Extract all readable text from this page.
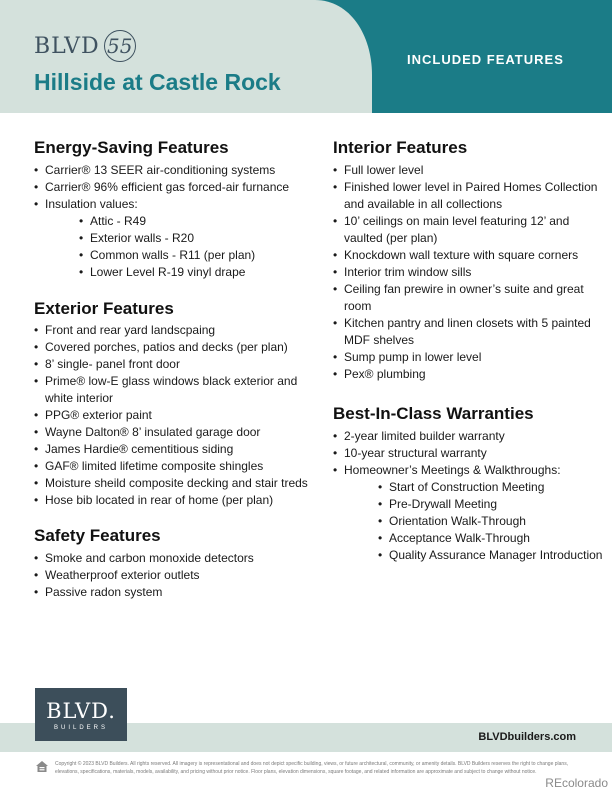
BLVD 55
Hillside at Castle Rock
INCLUDED FEATURES
Energy-Saving Features
• Carrier® 13 SEER air-conditioning systems
• Carrier® 96% efficient gas forced-air furnance
• Insulation values:
• Attic - R49
• Exterior walls - R20
• Common walls - R11 (per plan)
• Lower Level R-19 vinyl drape
Exterior Features
• Front and rear yard landscpaing
• Covered porches, patios and decks (per plan)
• 8’ single- panel front door
• Prime® low-E glass windows black exterior and white interior
• PPG® exterior paint
• Wayne Dalton® 8’ insulated garage door
• James Hardie® cementitious siding
• GAF® limited lifetime composite shingles
• Moisture sheild composite decking and stair treds
• Hose bib located in rear of home (per plan)
Safety Features
• Smoke and carbon monoxide detectors
• Weatherproof exterior outlets
• Passive radon system
Interior Features
• Full lower level
• Finished lower level in Paired Homes Collection and available in all collections
• 10’ ceilings on main level featuring 12’ and vaulted (per plan)
• Knockdown wall texture with square corners
• Interior trim window sills
• Ceiling fan prewire in owner’s suite and great room
• Kitchen pantry and linen closets with 5 painted MDF shelves
• Sump pump in lower level
• Pex® plumbing
Best-In-Class Warranties
• 2-year limited builder warranty
• 10-year structural warranty
• Homeowner’s Meetings & Walkthroughs:
• Start of Construction Meeting
• Pre-Drywall Meeting
• Orientation Walk-Through
• Acceptance Walk-Through
• Quality Assurance Manager Introduction
BLVD.
BUILDERS
BLVDbuilders.com
Copyright © 2023 BLVD Builders. All rights reserved. All imagery is representational and does not depict specific building, views, or future architectural, community, or amenity details. BLVD Builders reserves the right to change plans, elevations, specifications, materials, models, availability, and pricing without prior notice. Floor plans, elevation dimensions, square footage, and related information are approximate and subject to change without notice.
REcolorado
